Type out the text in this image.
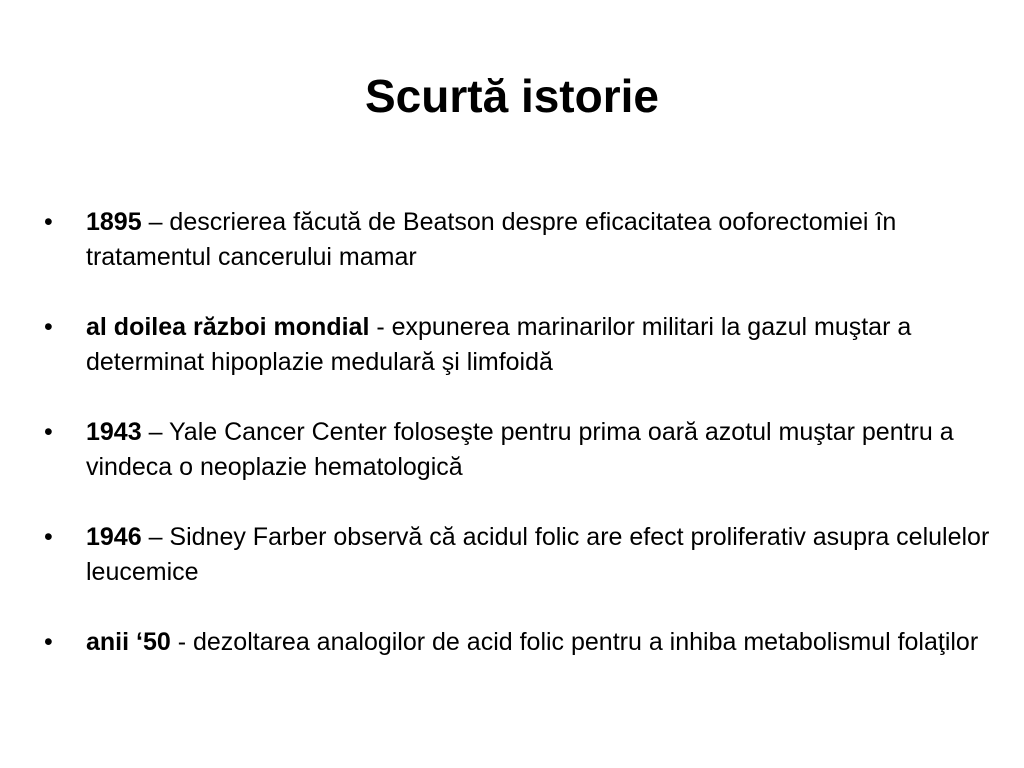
Scurtă istorie
• 1895 – descrierea făcută de Beatson despre eficacitatea ooforectomiei în tratamentul cancerului mamar
• al doilea război mondial - expunerea marinarilor militari la gazul muştar a determinat hipoplazie medulară şi limfoidă
• 1943 – Yale Cancer Center foloseşte pentru prima oară azotul muştar pentru a vindeca o neoplazie hematologică
• 1946 – Sidney Farber observă că acidul folic are efect proliferativ asupra celulelor leucemice
• anii ‘50 - dezoltarea analogilor de acid folic pentru a inhiba metabolismul folaţilor
